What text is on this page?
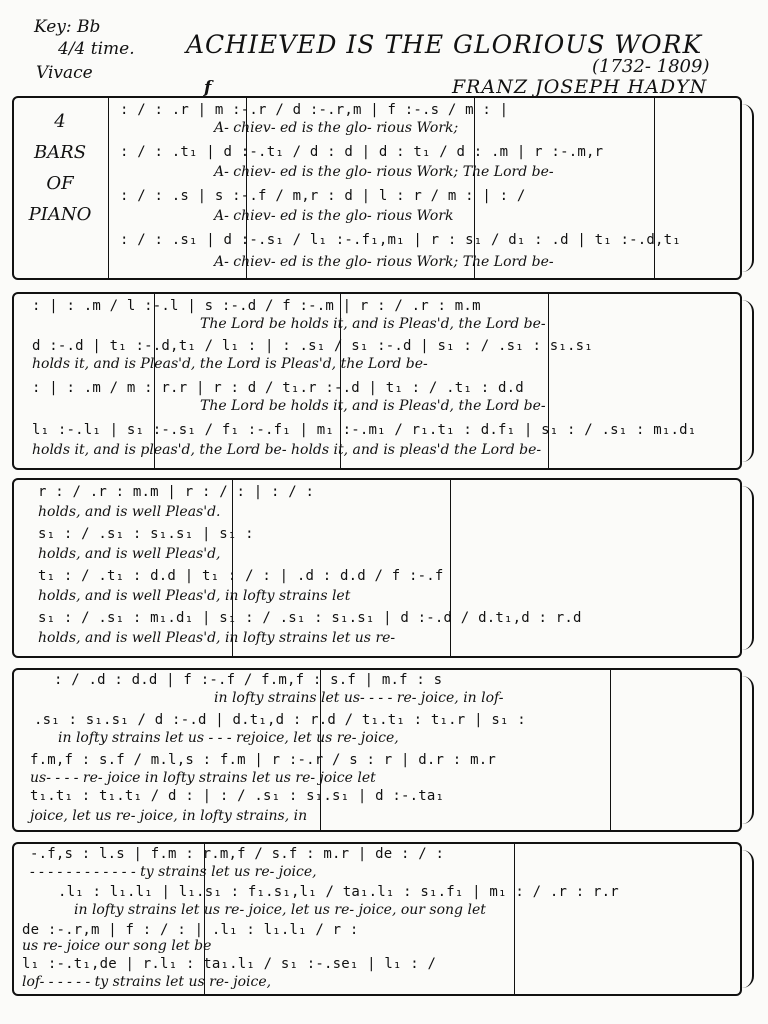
Key: Bb
4/4 time.
Vivace
ACHIEVED IS THE GLORIOUS WORK
(1732- 1809)
FRANZ JOSEPH HADYN
f
4
BARS
OF
PIANO
: / : .r | m :-.r / d :-.r,m | f :-.s / m : |
A- chiev- ed is the glo- rious Work;
: / : .t₁ | d :-.t₁ / d : d | d : t₁ / d : .m | r :-.m,r
A- chiev- ed is the glo- rious Work; The Lord be-
: / : .s | s :-.f / m,r : d | l : r / m : | : /
A- chiev- ed is the glo- rious Work
: / : .s₁ | d :-.s₁ / l₁ :-.f₁,m₁ | r : s₁ / d₁ : .d | t₁ :-.d,t₁
A- chiev- ed is the glo- rious Work; The Lord be-
: | : .m / l :-.l | s :-.d / f :-.m | r : / .r : m.m
The Lord be holds it, and is Pleas'd, the Lord be-
d :-.d | t₁ :-.d,t₁ / l₁ : | : .s₁ / s₁ :-.d | s₁ : / .s₁ : s₁.s₁
holds it, and is Pleas'd, the Lord is Pleas'd, the Lord be-
: | : .m / m : r.r | r : d / t₁.r :-.d | t₁ : / .t₁ : d.d
The Lord be holds it, and is Pleas'd, the Lord be-
l₁ :-.l₁ | s₁ :-.s₁ / f₁ :-.f₁ | m₁ :-.m₁ / r₁.t₁ : d.f₁ | s₁ : / .s₁ : m₁.d₁
holds it, and is pleas'd, the Lord be- holds it, and is pleas'd the Lord be-
r : / .r : m.m | r : / : | : / :
holds, and is well Pleas'd.
s₁ : / .s₁ : s₁.s₁ | s₁ :
holds, and is well Pleas'd,
t₁ : / .t₁ : d.d | t₁ : / : | .d : d.d / f :-.f
holds, and is well Pleas'd, in lofty strains let
s₁ : / .s₁ : m₁.d₁ | s₁ : / .s₁ : s₁.s₁ | d :-.d / d.t₁,d : r.d
holds, and is well Pleas'd, in lofty strains let us re-
: / .d : d.d | f :-.f / f.m,f : s.f | m.f : s
in lofty strains let us- - - - re- joice, in lof-
.s₁ : s₁.s₁ / d :-.d | d.t₁,d : r.d / t₁.t₁ : t₁.r | s₁ :
in lofty strains let us - - - rejoice, let us re- joice,
f.m,f : s.f / m.l,s : f.m | r :-.r / s : r | d.r : m.r
us- - - - re- joice in lofty strains let us re- joice let
t₁.t₁ : t₁.t₁ / d : | : / .s₁ : s₁.s₁ | d :-.ta₁
joice, let us re- joice, in lofty strains, in
-.f,s : l.s | f.m : r.m,f / s.f : m.r | de : / :
- - - - - - - - - - - - ty strains let us re- joice,
.l₁ : l₁.l₁ | l₁.s₁ : f₁.s₁,l₁ / ta₁.l₁ : s₁.f₁ | m₁ : / .r : r.r
in lofty strains let us re- joice, let us re- joice, our song let
de :-.r,m | f : / : | .l₁ : l₁.l₁ / r :
us re- joice our song let be
l₁ :-.t₁,de | r.l₁ : ta₁.l₁ / s₁ :-.se₁ | l₁ : /
lof- - - - - - ty strains let us re- joice,
